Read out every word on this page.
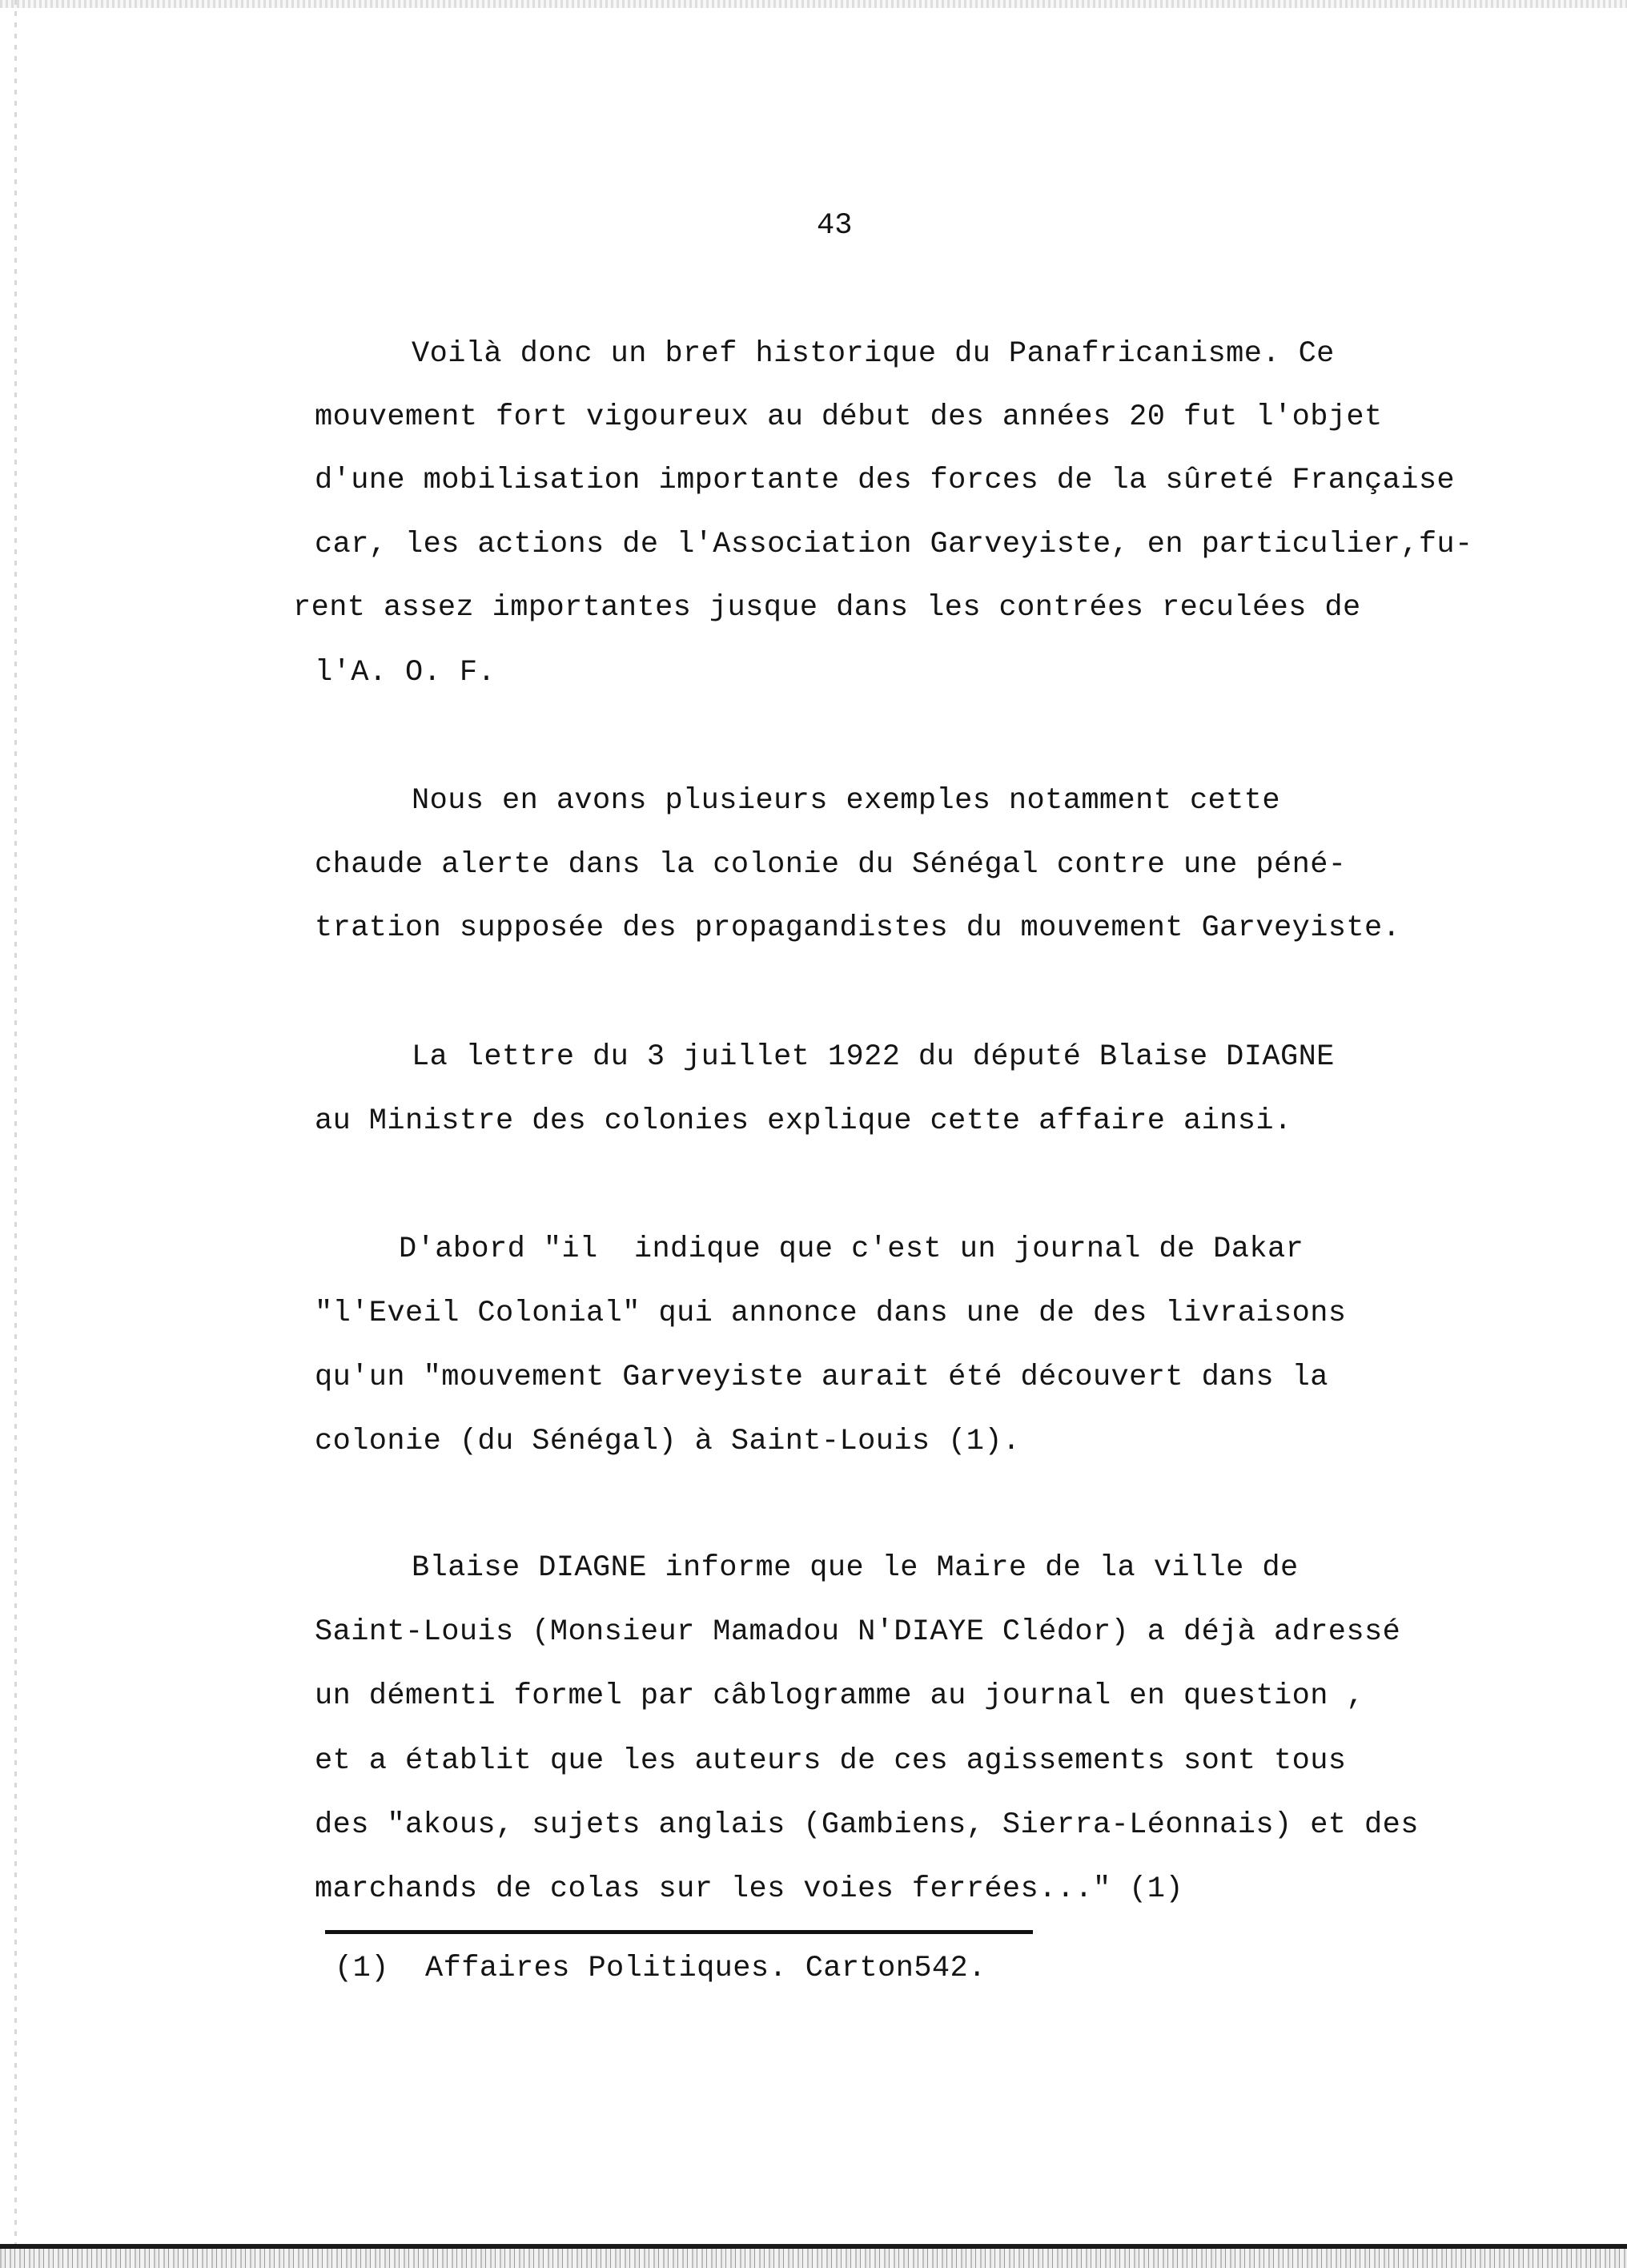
43
Voilà donc un bref historique du Panafricanisme. Ce
mouvement fort vigoureux au début des années 20 fut l'objet
d'une mobilisation importante des forces de la sûreté Française
car, les actions de l'Association Garveyiste, en particulier,fu-
rent assez importantes jusque dans les contrées reculées de
l'A. O. F.
Nous en avons plusieurs exemples notamment cette
chaude alerte dans la colonie du Sénégal contre une péné-
tration supposée des propagandistes du mouvement Garveyiste.
La lettre du 3 juillet 1922 du député Blaise DIAGNE
au Ministre des colonies explique cette affaire ainsi.
D'abord "il  indique que c'est un journal de Dakar
"l'Eveil Colonial" qui annonce dans une de des livraisons
qu'un "mouvement Garveyiste aurait été découvert dans la
colonie (du Sénégal) à Saint-Louis (1).
Blaise DIAGNE informe que le Maire de la ville de
Saint-Louis (Monsieur Mamadou N'DIAYE Clédor) a déjà adressé
un démenti formel par câblogramme au journal en question ,
et a établit que les auteurs de ces agissements sont tous
des "akous, sujets anglais (Gambiens, Sierra-Léonnais) et des
marchands de colas sur les voies ferrées..." (1)
(1)  Affaires Politiques. Carton542.
